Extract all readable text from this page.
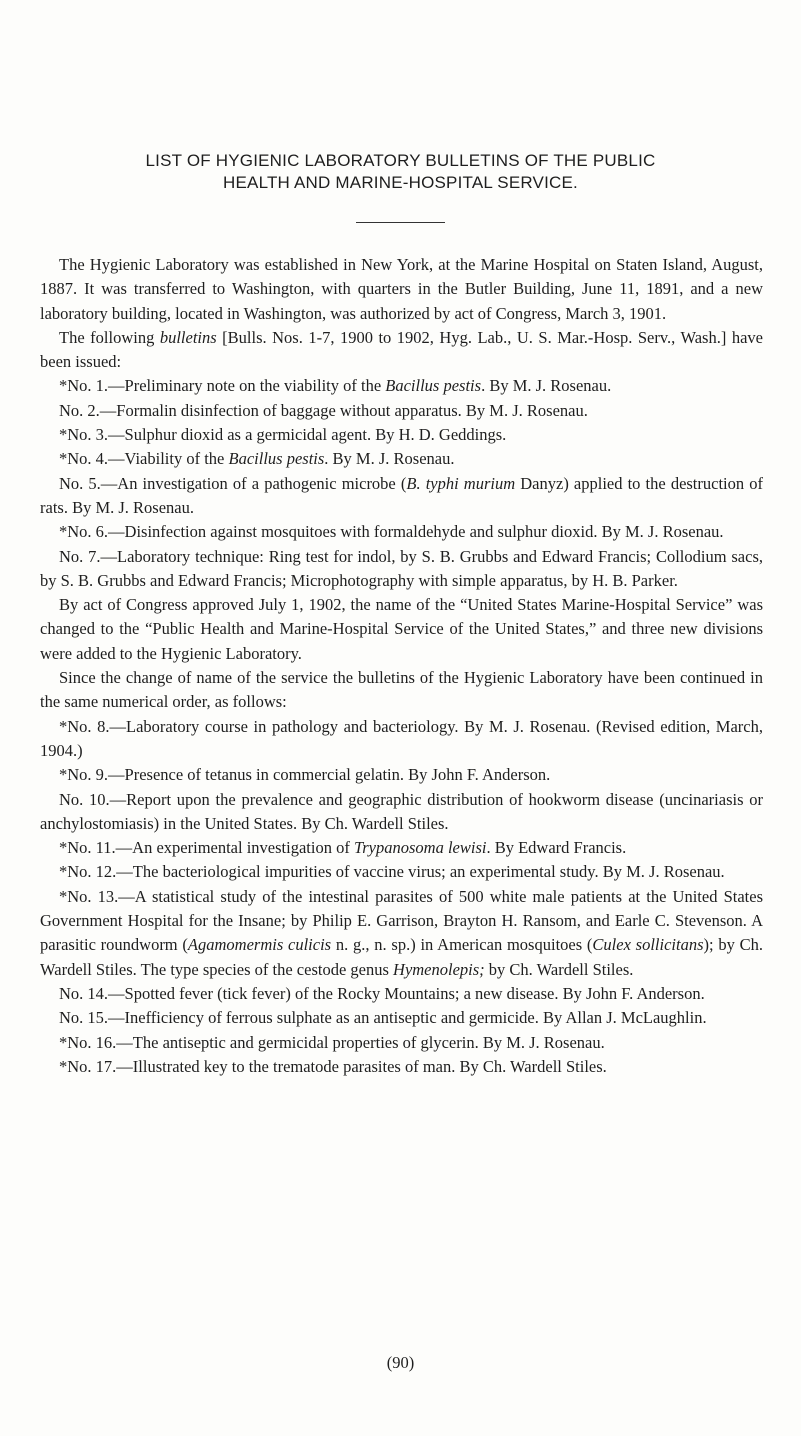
LIST OF HYGIENIC LABORATORY BULLETINS OF THE PUBLIC
HEALTH AND MARINE-HOSPITAL SERVICE.

The Hygienic Laboratory was established in New York, at the Marine Hospital on Staten Island, August, 1887. It was transferred to Washington, with quarters in the Butler Building, June 11, 1891, and a new laboratory building, located in Washington, was authorized by act of Congress, March 3, 1901.

The following bulletins [Bulls. Nos. 1-7, 1900 to 1902, Hyg. Lab., U. S. Mar.-Hosp. Serv., Wash.] have been issued:

*No. 1.—Preliminary note on the viability of the Bacillus pestis. By M. J. Rosenau.

No. 2.—Formalin disinfection of baggage without apparatus. By M. J. Rosenau.

*No. 3.—Sulphur dioxid as a germicidal agent. By H. D. Geddings.

*No. 4.—Viability of the Bacillus pestis. By M. J. Rosenau.

No. 5.—An investigation of a pathogenic microbe (B. typhi murium Danyz) applied to the destruction of rats. By M. J. Rosenau.

*No. 6.—Disinfection against mosquitoes with formaldehyde and sulphur dioxid. By M. J. Rosenau.

No. 7.—Laboratory technique: Ring test for indol, by S. B. Grubbs and Edward Francis; Collodium sacs, by S. B. Grubbs and Edward Francis; Microphotography with simple apparatus, by H. B. Parker.

By act of Congress approved July 1, 1902, the name of the “United States Marine-Hospital Service” was changed to the “Public Health and Marine-Hospital Service of the United States,” and three new divisions were added to the Hygienic Laboratory.

Since the change of name of the service the bulletins of the Hygienic Laboratory have been continued in the same numerical order, as follows:

*No. 8.—Laboratory course in pathology and bacteriology. By M. J. Rosenau. (Revised edition, March, 1904.)

*No. 9.—Presence of tetanus in commercial gelatin. By John F. Anderson.

No. 10.—Report upon the prevalence and geographic distribution of hookworm disease (uncinariasis or anchylostomiasis) in the United States. By Ch. Wardell Stiles.

*No. 11.—An experimental investigation of Trypanosoma lewisi. By Edward Francis.

*No. 12.—The bacteriological impurities of vaccine virus; an experimental study. By M. J. Rosenau.

*No. 13.—A statistical study of the intestinal parasites of 500 white male patients at the United States Government Hospital for the Insane; by Philip E. Garrison, Brayton H. Ransom, and Earle C. Stevenson. A parasitic roundworm (Agamomermis culicis n. g., n. sp.) in American mosquitoes (Culex sollicitans); by Ch. Wardell Stiles. The type species of the cestode genus Hymenolepis; by Ch. Wardell Stiles.

No. 14.—Spotted fever (tick fever) of the Rocky Mountains; a new disease. By John F. Anderson.

No. 15.—Inefficiency of ferrous sulphate as an antiseptic and germicide. By Allan J. McLaughlin.

*No. 16.—The antiseptic and germicidal properties of glycerin. By M. J. Rosenau.

*No. 17.—Illustrated key to the trematode parasites of man. By Ch. Wardell Stiles.

(90)
